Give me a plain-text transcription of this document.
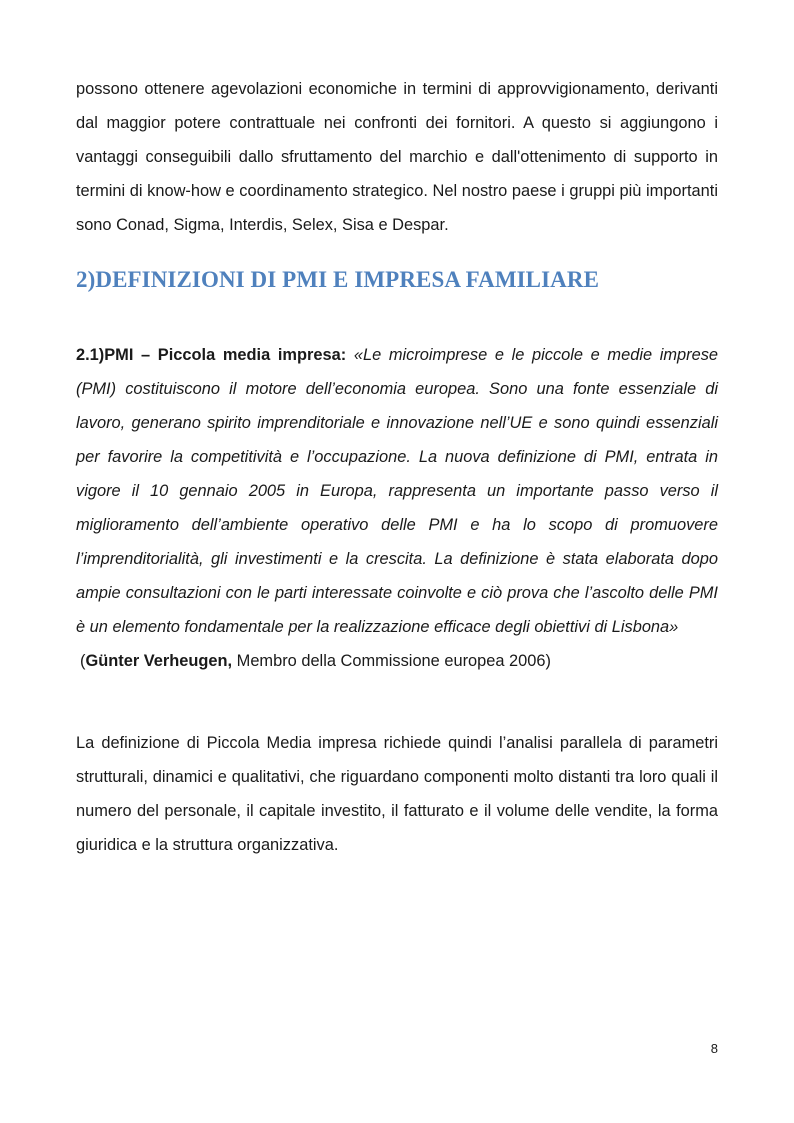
possono ottenere agevolazioni economiche in termini di approvvigionamento, derivanti dal maggior potere contrattuale nei confronti dei fornitori. A questo si aggiungono i vantaggi conseguibili dallo sfruttamento del marchio e dall'ottenimento di supporto in termini di know-how e coordinamento strategico. Nel nostro paese i gruppi più importanti sono Conad, Sigma, Interdis, Selex, Sisa e Despar.

2)DEFINIZIONI DI PMI E IMPRESA FAMILIARE

2.1)PMI – Piccola media impresa: «Le microimprese e le piccole e medie imprese (PMI) costituiscono il motore dell’economia europea. Sono una fonte essenziale di lavoro, generano spirito imprenditoriale e innovazione nell’UE e sono quindi essenziali per favorire la competitività e l’occupazione. La nuova definizione di PMI, entrata in vigore il 10 gennaio 2005 in Europa, rappresenta un importante passo verso il miglioramento dell’ambiente operativo delle PMI e ha lo scopo di promuovere l’imprenditorialità, gli investimenti e la crescita. La definizione è stata elaborata dopo ampie consultazioni con le parti interessate coinvolte e ciò prova che l’ascolto delle PMI è un elemento fondamentale per la realizzazione efficace degli obiettivi di Lisbona»

(Günter Verheugen, Membro della Commissione europea 2006)

La definizione di Piccola Media impresa richiede quindi l’analisi parallela di parametri strutturali, dinamici e qualitativi, che riguardano componenti molto distanti tra loro quali il numero del personale, il capitale investito, il fatturato e il volume delle vendite, la forma giuridica e la struttura organizzativa.

8
